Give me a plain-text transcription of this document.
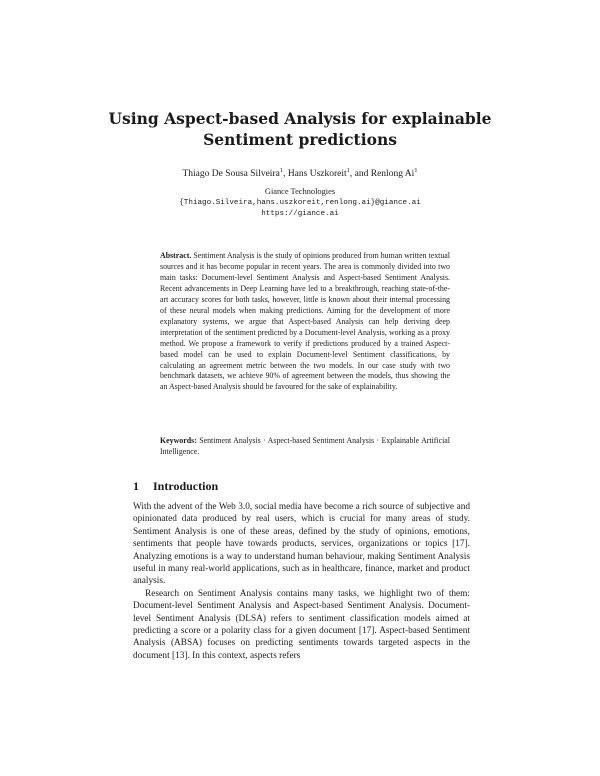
Using Aspect-based Analysis for explainable
Sentiment predictions
Thiago De Sousa Silveira$^1$, Hans Uszkoreit$^1$, and Renlong Ai$^1$
Giance Technologies
{Thiago.Silveira,hans.uszkoreit,renlong.ai}@giance.ai
https://giance.ai
Abstract. Sentiment Analysis is the study of opinions produced from human written textual sources and it has become popular in recent years. The area is commonly divided into two main tasks: Document-level Sentiment Analysis and Aspect-based Sentiment Analysis. Recent advancements in Deep Learning have led to a breakthrough, reaching state-of-the-art accuracy scores for both tasks, however, little is known about their internal processing of these neural models when making predictions. Aiming for the development of more explanatory systems, we argue that Aspect-based Analysis can help deriving deep interpretation of the sentiment predicted by a Document-level Analysis, working as a proxy method. We propose a framework to verify if predictions produced by a trained Aspect-based model can be used to explain Document-level Sentiment classifications, by calculating an agreement metric between the two models. In our case study with two benchmark datasets, we achieve 90% of agreement between the models, thus showing the an Aspect-based Analysis should be favoured for the sake of explainability.
Keywords: Sentiment Analysis · Aspect-based Sentiment Analysis · Explainable Artificial Intelligence.
1 Introduction

With the advent of the Web 3.0, social media have become a rich source of subjective and opinionated data produced by real users, which is crucial for many areas of study. Sentiment Analysis is one of these areas, defined by the study of opinions, emotions, sentiments that people have towards products, services, organizations or topics [17]. Analyzing emotions is a way to understand human behaviour, making Sentiment Analysis useful in many real-world applications, such as in healthcare, finance, market and product analysis.

Research on Sentiment Analysis contains many tasks, we highlight two of them: Document-level Sentiment Analysis and Aspect-based Sentiment Analysis. Document-level Sentiment Analysis (DLSA) refers to sentiment classification models aimed at predicting a score or a polarity class for a given document [17]. Aspect-based Sentiment Analysis (ABSA) focuses on predicting sentiments towards targeted aspects in the document [13]. In this context, aspects refers
